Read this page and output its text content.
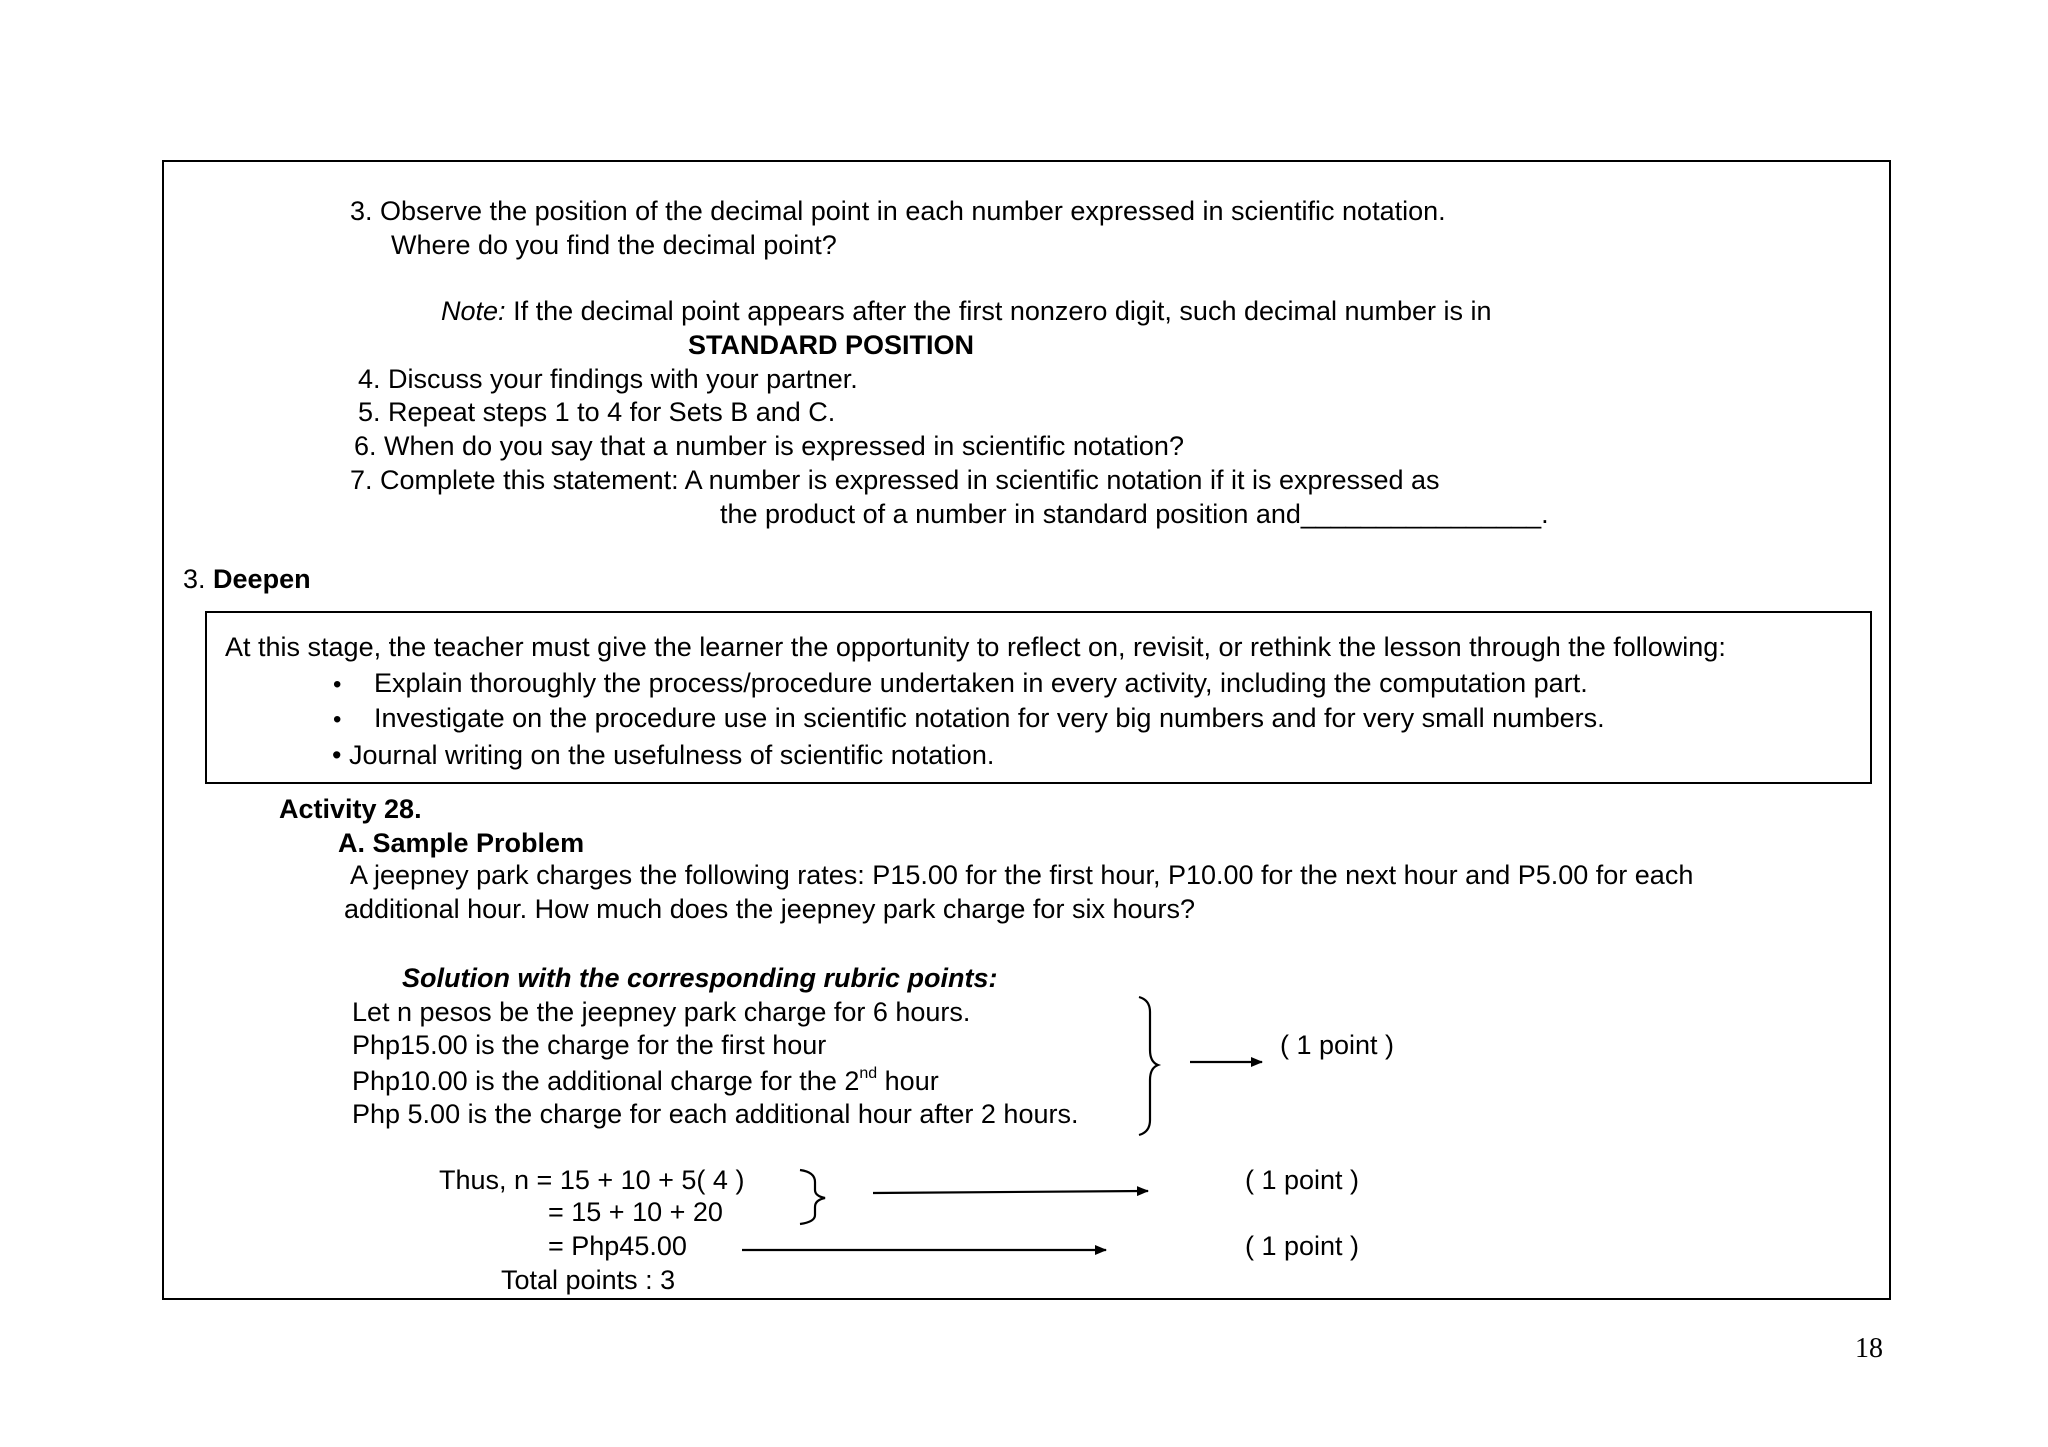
3. Observe the position of the decimal point in each number expressed in scientific notation.
Where do you find the decimal point?
Note: If the decimal point appears after the first nonzero digit, such decimal number is in
STANDARD POSITION
4. Discuss your findings with your partner.
5. Repeat steps 1 to 4 for Sets B and C.
6. When do you say that a number is expressed in scientific notation?
7. Complete this statement: A number is expressed in scientific notation if it is expressed as
the product of a number in standard position and________________.
3. Deepen
At this stage, the teacher must give the learner the opportunity to reflect on, revisit, or rethink the lesson through the following:
• Explain thoroughly the process/procedure undertaken in every activity, including the computation part.
• Investigate on the procedure use in scientific notation for very big numbers and for very small numbers.
• Journal writing on the usefulness of scientific notation.
Activity 28.
A. Sample Problem
A jeepney park charges the following rates: P15.00 for the first hour, P10.00 for the next hour and P5.00 for each
additional hour. How much does the jeepney park charge for six hours?
Solution with the corresponding rubric points:
Let n pesos be the jeepney park charge for 6 hours.
Php15.00 is the charge for the first hour
Php10.00 is the additional charge for the 2nd hour
Php 5.00 is the charge for each additional hour after 2 hours.
( 1 point )
Thus, n = 15 + 10 + 5( 4 )
= 15 + 10 + 20
= Php45.00
Total points : 3
( 1 point )
( 1 point )
18
